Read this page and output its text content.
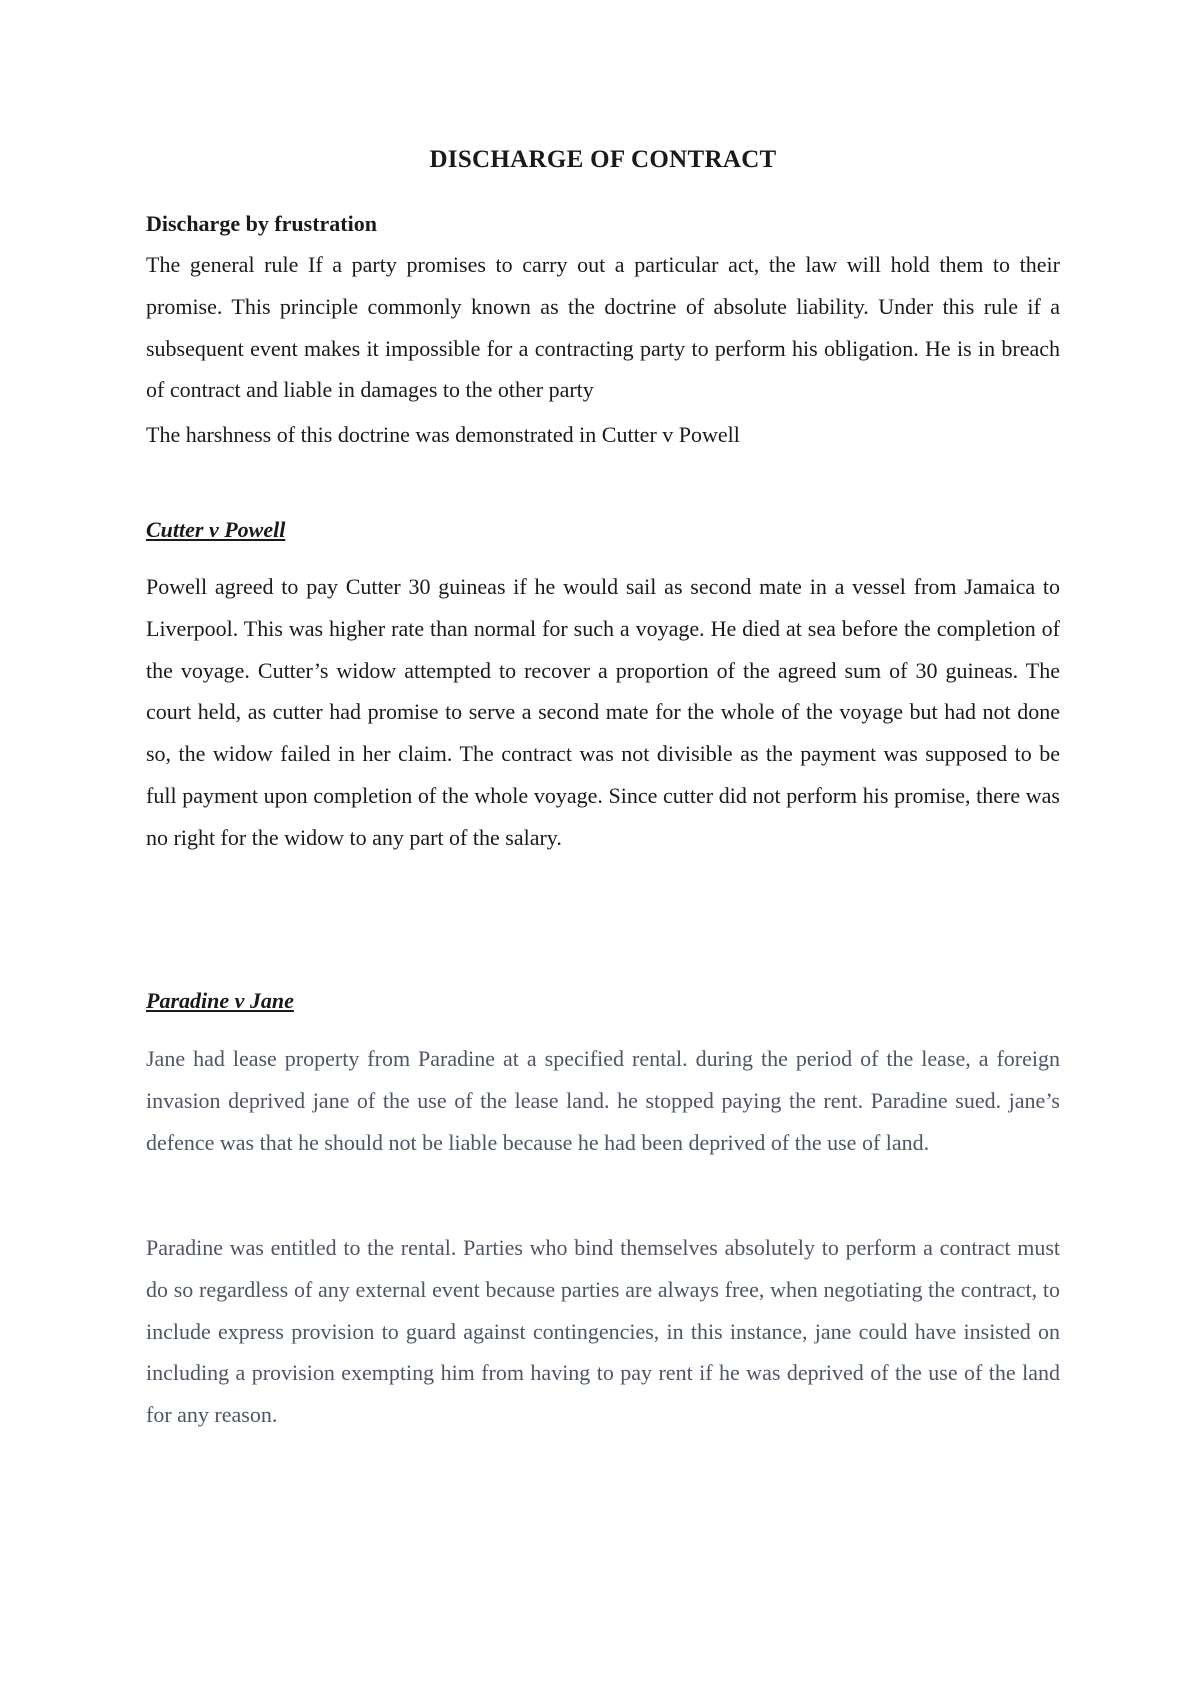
DISCHARGE OF CONTRACT
Discharge by frustration

The general rule If a party promises to carry out a particular act, the law will hold them to their promise. This principle commonly known as the doctrine of absolute liability. Under this rule if a subsequent event makes it impossible for a contracting party to perform his obligation. He is in breach of contract and liable in damages to the other party

The harshness of this doctrine was demonstrated in Cutter v Powell

Cutter v Powell

Powell agreed to pay Cutter 30 guineas if he would sail as second mate in a vessel from Jamaica to Liverpool. This was higher rate than normal for such a voyage. He died at sea before the completion of the voyage. Cutter’s widow attempted to recover a proportion of the agreed sum of 30 guineas. The court held, as cutter had promise to serve a second mate for the whole of the voyage but had not done so, the widow failed in her claim. The contract was not divisible as the payment was supposed to be full payment upon completion of the whole voyage. Since cutter did not perform his promise, there was no right for the widow to any part of the salary.

Paradine v Jane

Jane had lease property from Paradine at a specified rental. during the period of the lease, a foreign invasion deprived jane of the use of the lease land. he stopped paying the rent. Paradine sued. jane’s defence was that he should not be liable because he had been deprived of the use of land.

Paradine was entitled to the rental. Parties who bind themselves absolutely to perform a contract must do so regardless of any external event because parties are always free, when negotiating the contract, to include express provision to guard against contingencies, in this instance, jane could have insisted on including a provision exempting him from having to pay rent if he was deprived of the use of the land for any reason.
